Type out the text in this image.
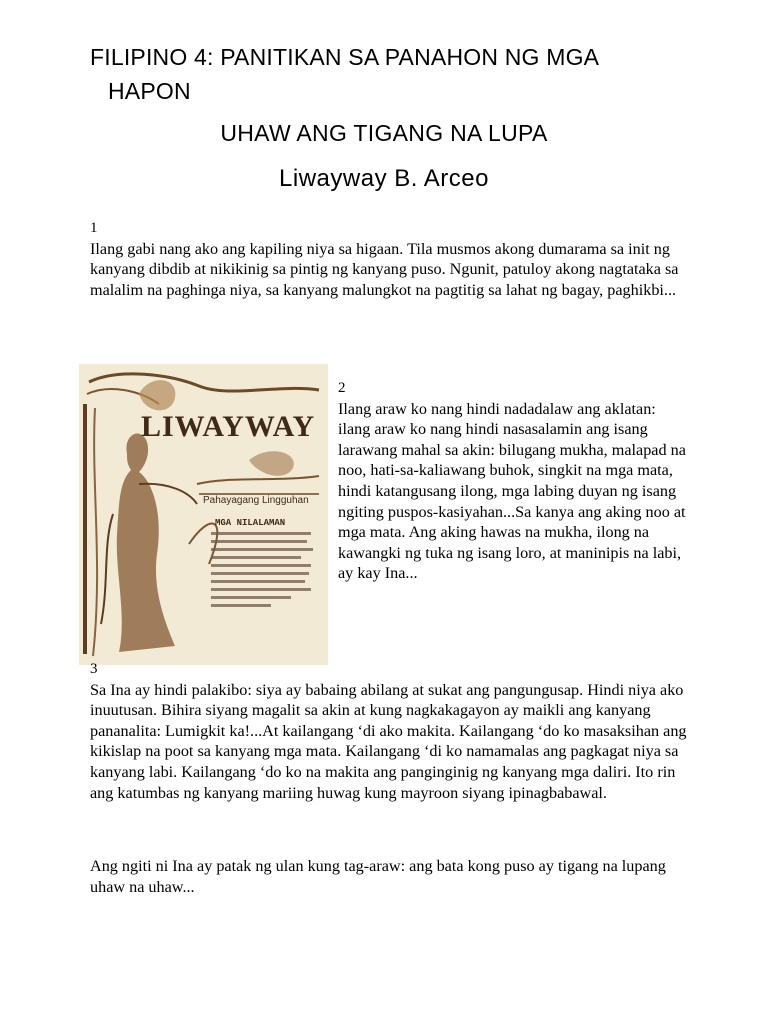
FILIPINO 4: PANITIKAN SA PANAHON NG MGA
HAPON
UHAW ANG TIGANG NA LUPA
Liwayway B. Arceo
1
Ilang gabi nang ako ang kapiling niya sa higaan. Tila musmos akong dumarama sa init ng kanyang dibdib at nikikinig sa pintig ng kanyang puso. Ngunit, patuloy akong nagtataka sa malalim na paghinga niya, sa kanyang malungkot na pagtitig sa lahat ng bagay, paghikbi...
LIWAYWAY
Pahayagang Lingguhan
MGA NILALAMAN
2
Ilang araw ko nang hindi nadadalaw ang aklatan: ilang araw ko nang hindi nasasalamin ang isang larawang mahal sa akin: bilugang mukha, malapad na noo, hati-sa-kaliawang buhok, singkit na mga mata, hindi katangusang ilong, mga labing duyan ng isang ngiting puspos-kasiyahan...Sa kanya ang aking noo at mga mata. Ang aking hawas na mukha, ilong na kawangki ng tuka ng isang loro, at maninipis na labi, ay kay Ina...
3
Sa Ina ay hindi palakibo: siya ay babaing abilang at sukat ang pangungusap. Hindi niya ako inuutusan. Bihira siyang magalit sa akin at kung nagkakagayon ay maikli ang kanyang pananalita: Lumigkit ka!...At kailangang ‘di ako makita. Kailangang ‘do ko masaksihan ang kikislap na poot sa kanyang mga mata. Kailangang ‘di ko namamalas ang pagkagat niya sa kanyang labi. Kailangang ‘do ko na makita ang panginginig ng kanyang mga daliri. Ito rin ang katumbas ng kanyang mariing huwag kung mayroon siyang ipinagbabawal.
Ang ngiti ni Ina ay patak ng ulan kung tag-araw: ang bata kong puso ay tigang na lupang uhaw na uhaw...
